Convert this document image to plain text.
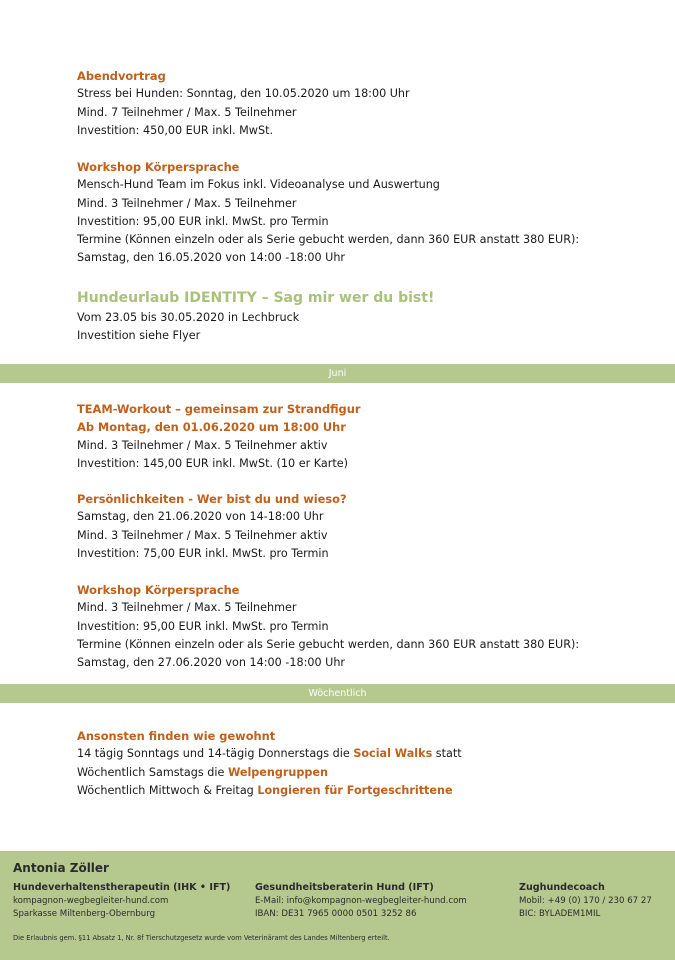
Abendvortrag
Stress bei Hunden: Sonntag, den 10.05.2020 um 18:00 Uhr
Mind. 7 Teilnehmer / Max. 5 Teilnehmer
Investition: 450,00 EUR inkl. MwSt.
Workshop Körpersprache
Mensch-Hund Team im Fokus inkl. Videoanalyse und Auswertung
Mind. 3 Teilnehmer / Max. 5 Teilnehmer
Investition: 95,00 EUR inkl. MwSt. pro Termin
Termine (Können einzeln oder als Serie gebucht werden, dann 360 EUR anstatt 380 EUR):
Samstag, den 16.05.2020 von 14:00 -18:00 Uhr
Hundeurlaub IDENTITY – Sag mir wer du bist!
Vom 23.05 bis 30.05.2020 in Lechbruck
Investition siehe Flyer
Juni
TEAM-Workout – gemeinsam zur Strandfigur
Ab Montag, den 01.06.2020 um 18:00 Uhr
Mind. 3 Teilnehmer / Max. 5 Teilnehmer aktiv
Investition: 145,00 EUR inkl. MwSt. (10 er Karte)
Persönlichkeiten - Wer bist du und wieso?
Samstag, den 21.06.2020 von 14-18:00 Uhr
Mind. 3 Teilnehmer / Max. 5 Teilnehmer aktiv
Investition: 75,00 EUR inkl. MwSt. pro Termin
Workshop Körpersprache
Mind. 3 Teilnehmer / Max. 5 Teilnehmer
Investition: 95,00 EUR inkl. MwSt. pro Termin
Termine (Können einzeln oder als Serie gebucht werden, dann 360 EUR anstatt 380 EUR):
Samstag, den 27.06.2020 von 14:00 -18:00 Uhr
Wöchentlich
Ansonsten finden wie gewohnt
14 tägig Sonntags und 14-tägig Donnerstags die Social Walks statt
Wöchentlich Samstags die Welpengruppen
Wöchentlich Mittwoch & Freitag Longieren für Fortgeschrittene
Antonia Zöller
Hundeverhaltenstherapeutin (IHK • IFT)
kompagnon-wegbegleiter-hund.com
Sparkasse Miltenberg-Obernburg
Gesundheitsberaterin Hund (IFT)
E-Mail: info@kompagnon-wegbegleiter-hund.com
IBAN: DE31 7965 0000 0501 3252 86
Zughundecoach
Mobil: +49 (0) 170 / 230 67 27
BIC: BYLADEM1MIL
Die Erlaubnis gem. §11 Absatz 1, Nr. 8f Tierschutzgesetz wurde vom Veterinäramt des Landes Miltenberg erteilt.
